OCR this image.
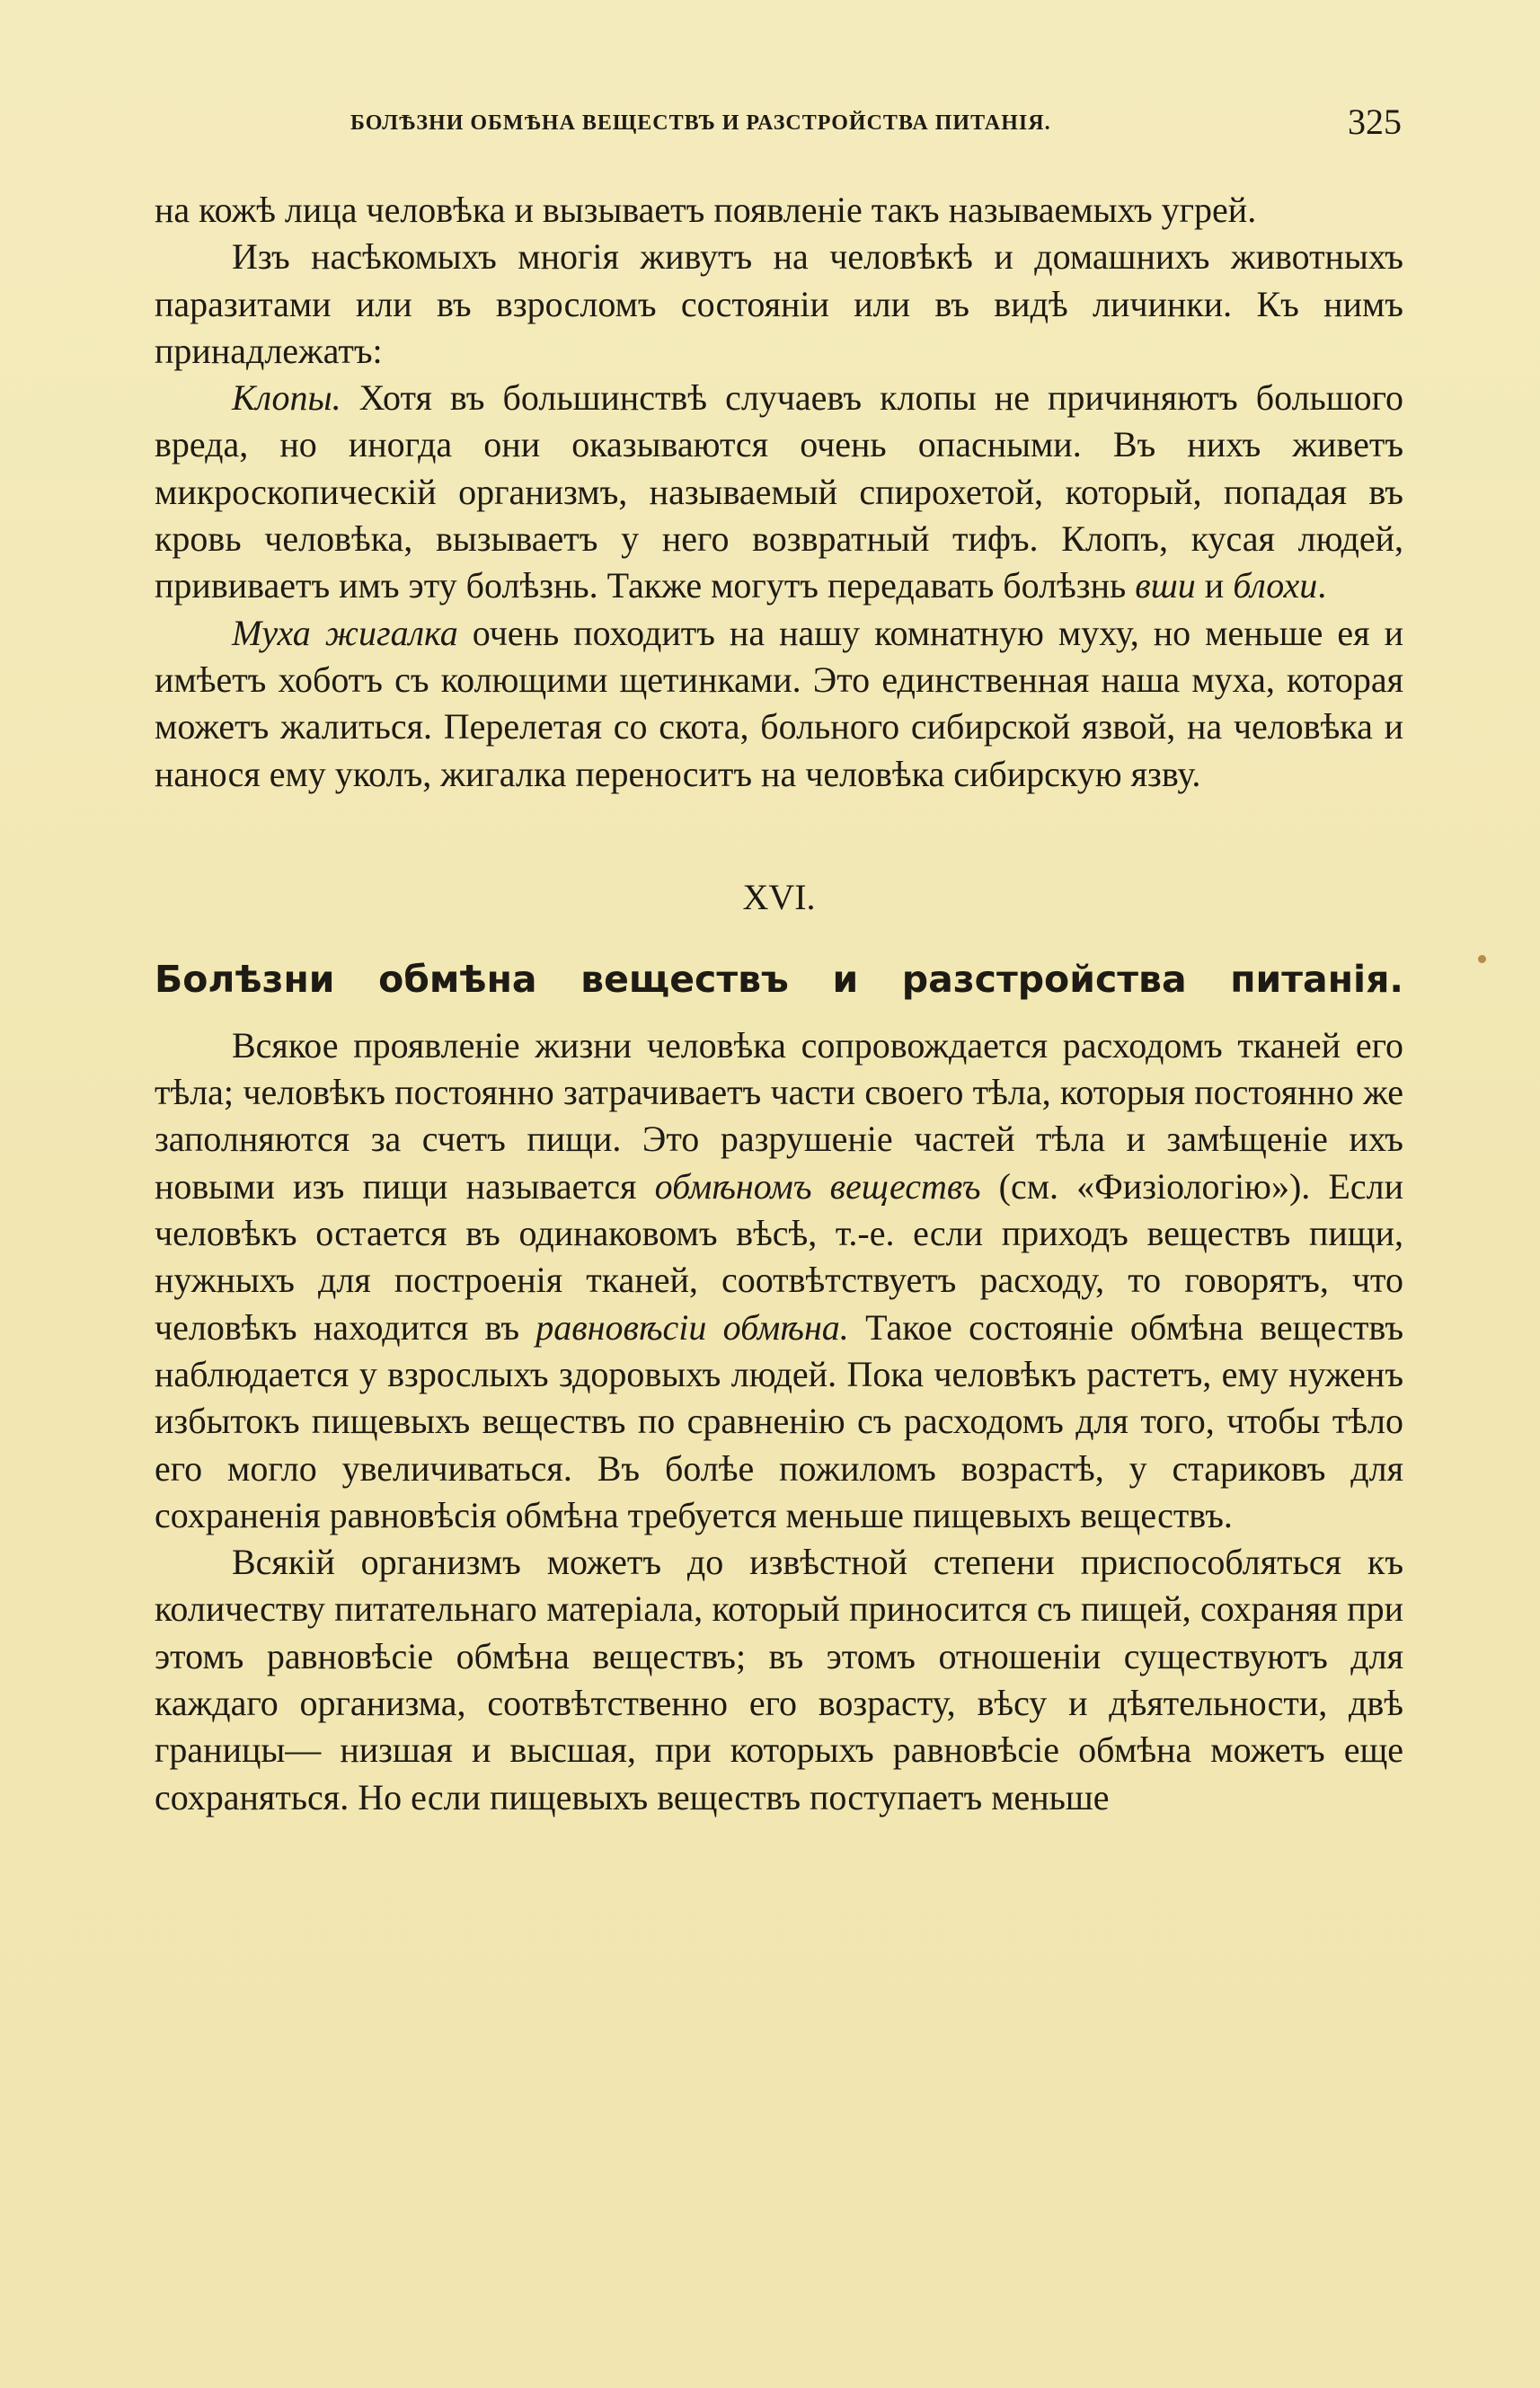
БОЛѢЗНИ ОБМѢНА ВЕЩЕСТВЪ И РАЗСТРОЙСТВА ПИТАНІЯ.	325

на кожѣ лица человѣка и вызываетъ появленіе такъ называемыхъ угрей.

Изъ насѣкомыхъ многія живутъ на человѣкѣ и домашнихъ животныхъ паразитами или въ взросломъ состояніи или въ видѣ личинки. Къ нимъ принадлежатъ:

Клопы. Хотя въ большинствѣ случаевъ клопы не причиняютъ большого вреда, но иногда они оказываются очень опасными. Въ нихъ живетъ микроскопическій организмъ, называемый спирохетой, который, попадая въ кровь человѣка, вызываетъ у него возвратный тифъ. Клопъ, кусая людей, прививаетъ имъ эту болѣзнь. Также могутъ передавать болѣзнь вши и блохи.

Муха жигалка очень походитъ на нашу комнатную муху, но меньше ея и имѣетъ хоботъ съ колющими щетинками. Это единственная наша муха, которая можетъ жалиться. Перелетая со скота, больного сибирской язвой, на человѣка и нанося ему уколъ, жигалка переноситъ на человѣка сибирскую язву.

XVI.
Болѣзни обмѣна веществъ и разстройства питанія.

Всякое проявленіе жизни человѣка сопровождается расходомъ тканей его тѣла; человѣкъ постоянно затрачиваетъ части своего тѣла, которыя постоянно же заполняются за счетъ пищи. Это разрушеніе частей тѣла и замѣщеніе ихъ новыми изъ пищи называется обмѣномъ веществъ (см. «Физіологію»). Если человѣкъ остается въ одинаковомъ вѣсѣ, т.-е. если приходъ веществъ пищи, нужныхъ для построенія тканей, соотвѣтствуетъ расходу, то говорятъ, что человѣкъ находится въ равновѣсіи обмѣна. Такое состояніе обмѣна веществъ наблюдается у взрослыхъ здоровыхъ людей. Пока человѣкъ растетъ, ему нуженъ избытокъ пищевыхъ веществъ по сравненію съ расходомъ для того, чтобы тѣло его могло увеличиваться. Въ болѣе пожиломъ возрастѣ, у стариковъ для сохраненія равновѣсія обмѣна требуется меньше пищевыхъ веществъ.

Всякій организмъ можетъ до извѣстной степени приспособляться къ количеству питательнаго матеріала, который приносится съ пищей, сохраняя при этомъ равновѣсіе обмѣна веществъ; въ этомъ отношеніи существуютъ для каждаго организма, соотвѣтственно его возрасту, вѣсу и дѣятельности, двѣ границы— низшая и высшая, при которыхъ равновѣсіе обмѣна можетъ еще сохраняться. Но если пищевыхъ веществъ поступаетъ меньше
